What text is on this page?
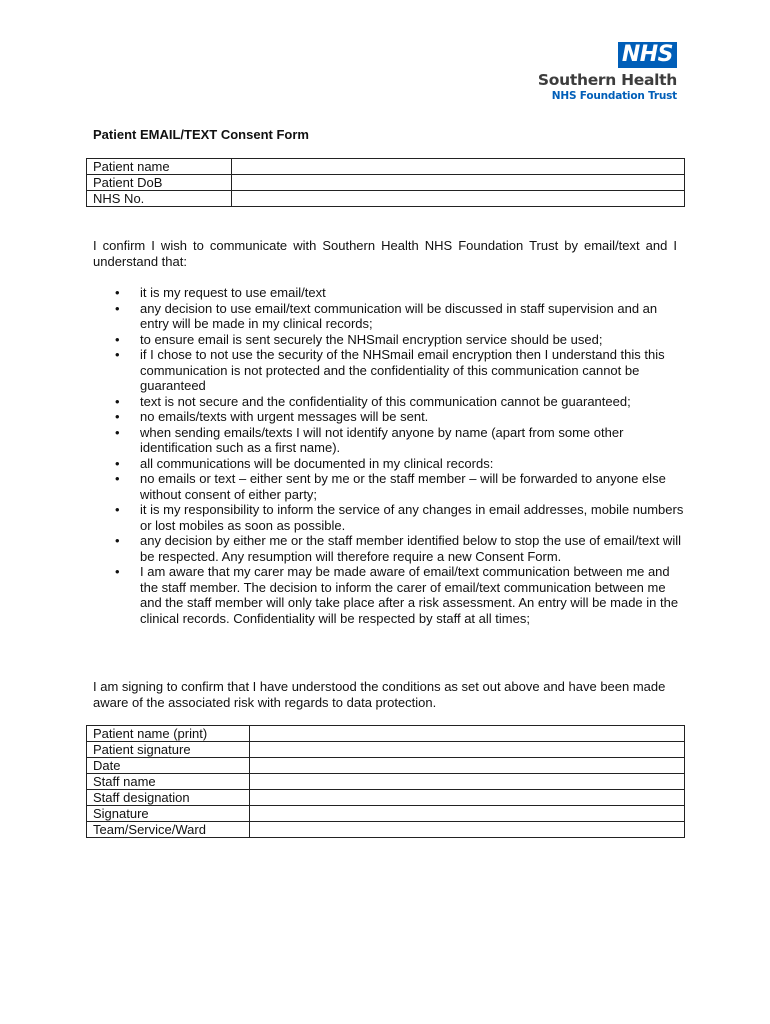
NHS
Southern Health
NHS Foundation Trust
Patient EMAIL/TEXT Consent Form
Patient name	
Patient DoB	
NHS No.	
I confirm I wish to communicate with Southern Health NHS Foundation Trust by email/text and I understand that:
• it is my request to use email/text
• any decision to use email/text communication will be discussed in staff supervision and an entry will be made in my clinical records;
• to ensure email is sent securely the NHSmail encryption service should be used;
• if I chose to not use the security of the NHSmail email encryption then I understand this this communication is not protected and the confidentiality of this communication cannot be guaranteed
• text is not secure and the confidentiality of this communication cannot be guaranteed;
• no emails/texts with urgent messages will be sent.
• when sending emails/texts I will not identify anyone by name (apart from some other identification such as a first name).
• all communications will be documented in my clinical records:
• no emails or text – either sent by me or the staff member – will be forwarded to anyone else without consent of either party;
• it is my responsibility to inform the service of any changes in email addresses, mobile numbers or lost mobiles as soon as possible.
• any decision by either me or the staff member identified below to stop the use of email/text will be respected. Any resumption will therefore require a new Consent Form.
• I am aware that my carer may be made aware of email/text communication between me and the staff member. The decision to inform the carer of email/text communication between me and the staff member will only take place after a risk assessment. An entry will be made in the clinical records. Confidentiality will be respected by staff at all times;
I am signing to confirm that I have understood the conditions as set out above and have been made aware of the associated risk with regards to data protection.
Patient name (print)	
Patient signature	
Date	
Staff name	
Staff designation	
Signature	
Team/Service/Ward	
